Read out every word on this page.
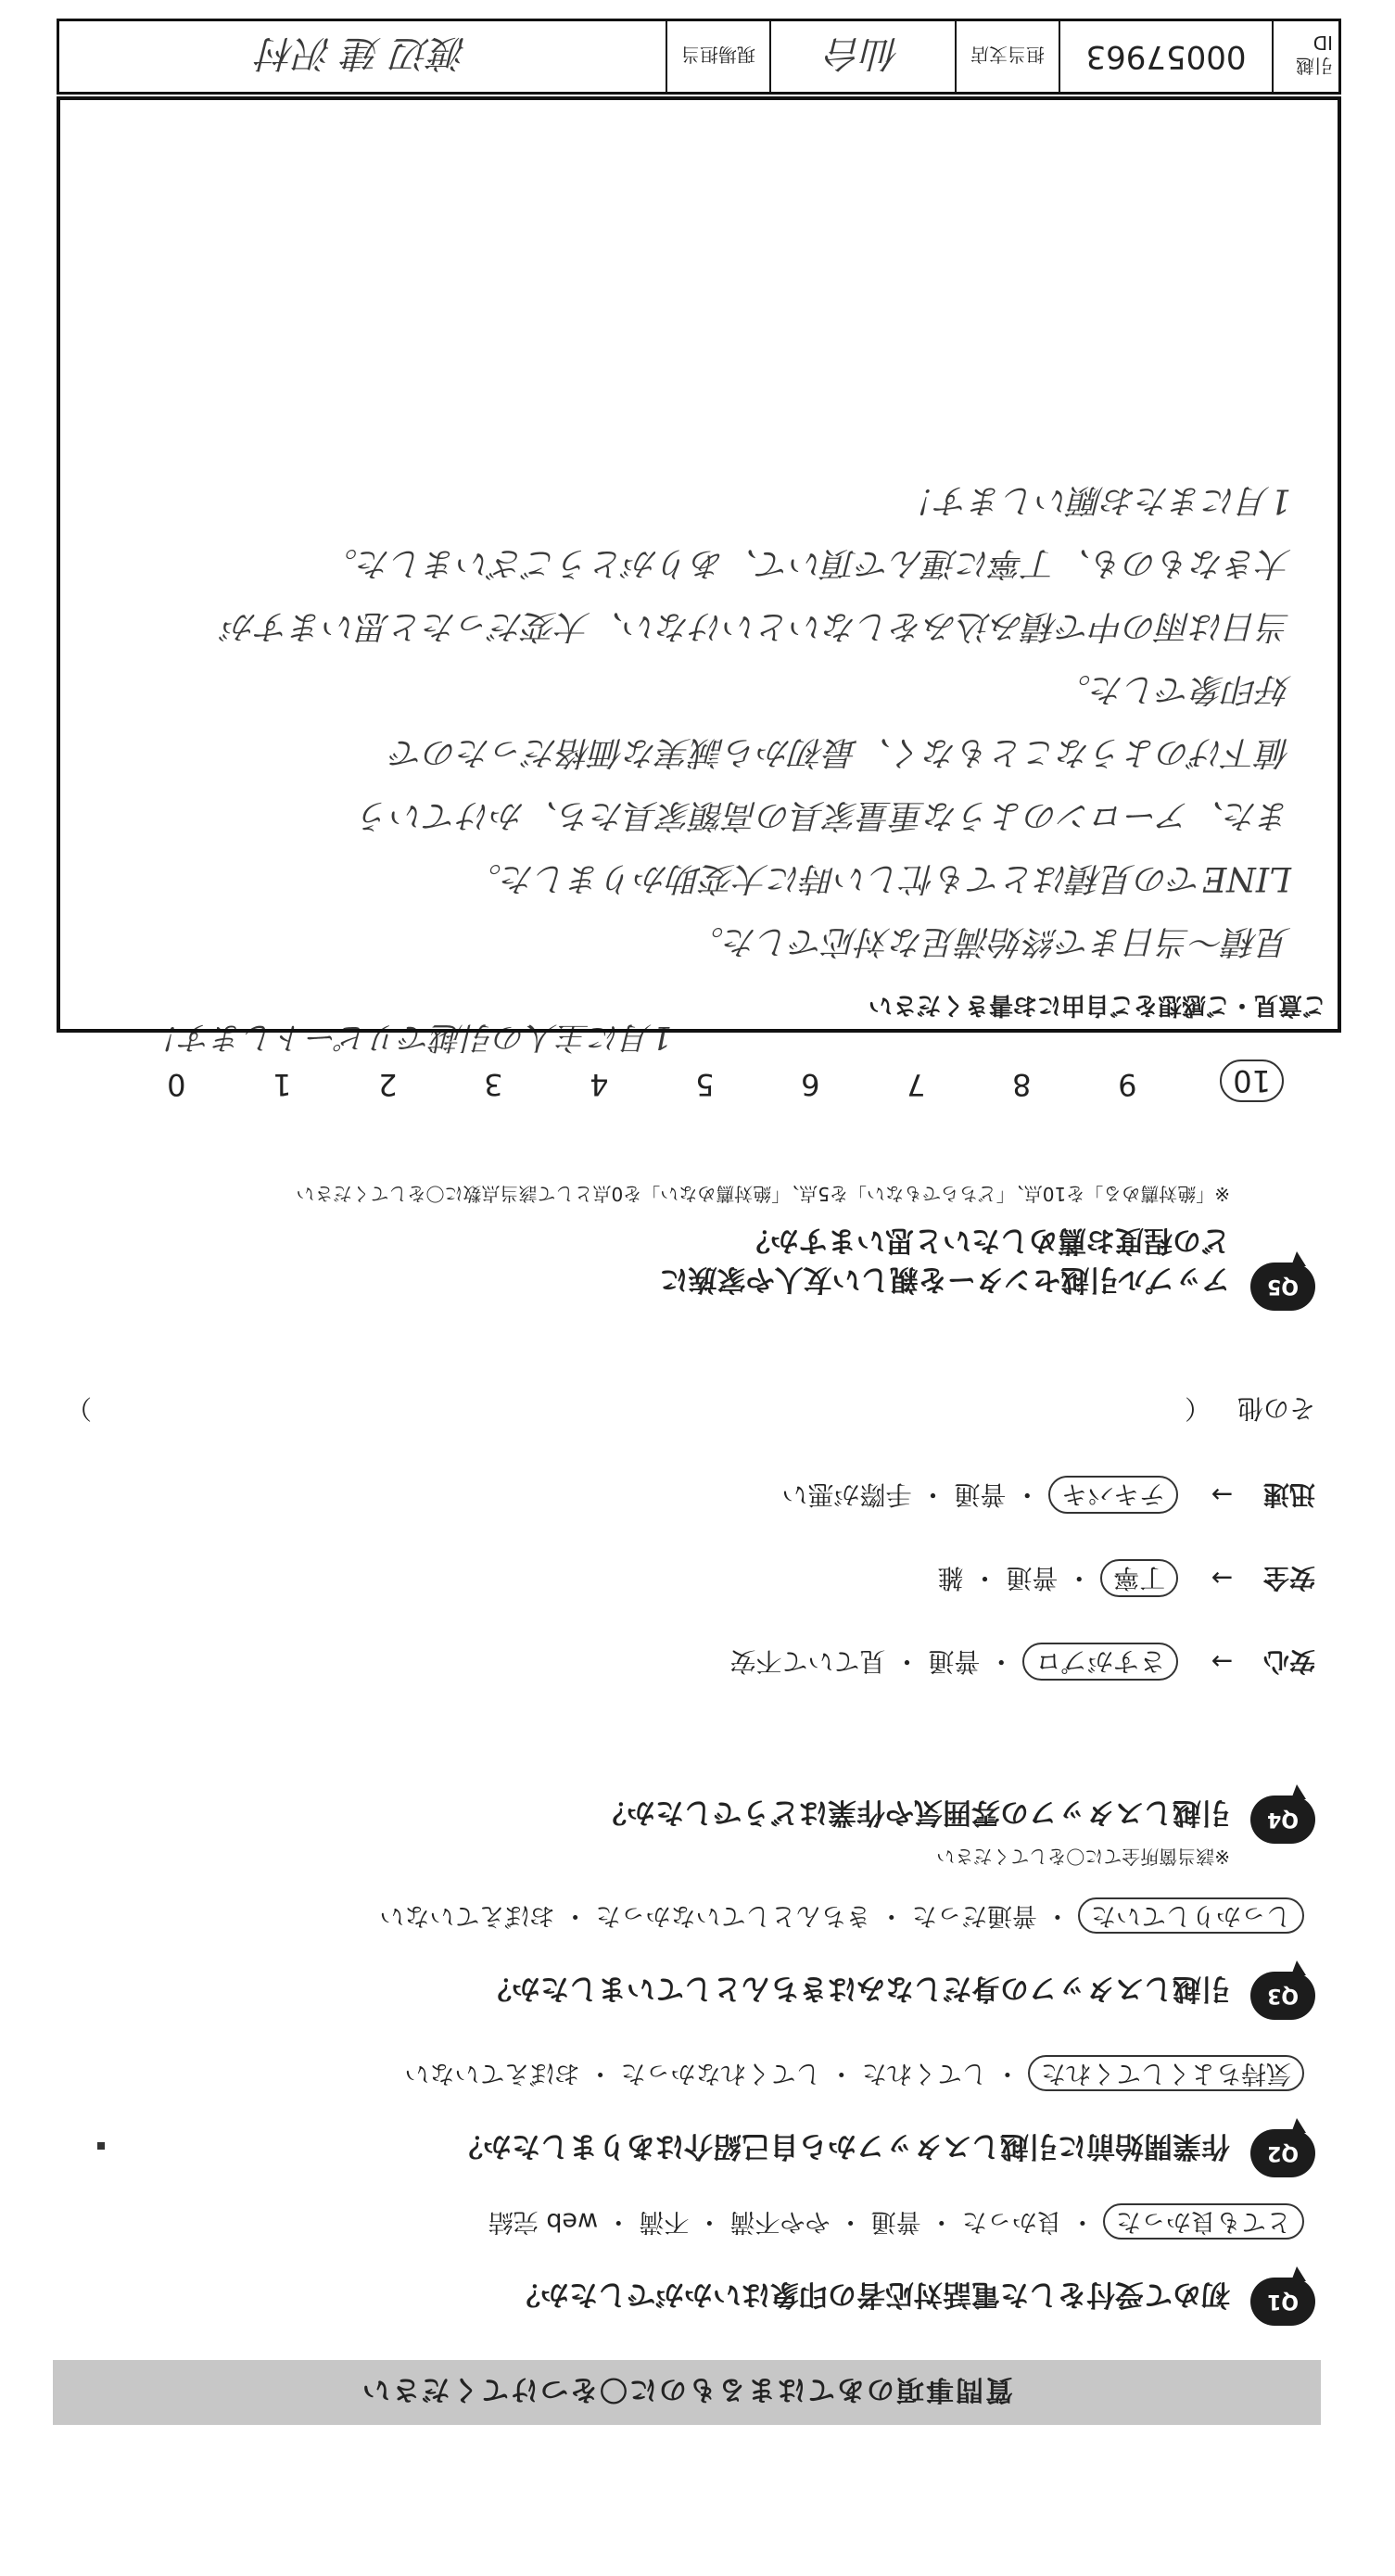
質問事項のあてはまるものに〇をつけてください
Q1
初めて受付をした電話対応者の印象はいかがでしたか？
とても良かった ・ 良かった ・ 普通 ・ やや不満 ・ 不満 ・ web 完結
Q2
作業開始前に引越しスタッフから自己紹介はありましたか？
気持ちよくしてくれた ・ してくれた ・ してくれなかった ・ おぼえていない
Q3
引越しスタッフの身だしなみはきちんとしていましたか？
しっかりしていた ・ 普通だった ・ きちんとしていなかった ・ おぼえていない
Q4
引越しスタッフの雰囲気や作業はどうでしたか？
※該当箇所全てに〇をしてください
安心 → さすがプロ ・ 普通 ・ 見ていて不安
安全 → 丁寧 ・ 普通 ・ 雑
迅速 → テキパキ ・ 普通 ・ 手際が悪い
その他 （
）
Q5
アップル引越センターを親しい友人や家族に
どの程度お薦めしたいと思いますか？
※「絶対薦める」を10点、「どちらでもない」を5点、「絶対薦めない」を0点として該当点数に〇をしてください
10
9
8
7
6
5
4
3
2
1
0
1月に主人の引越でリピートします！
ご意見・ご感想をご自由にお書きください
見積〜当日まで終始満足な対応でした。
LINEでの見積はとても忙しい時に大変助かりました。
また、アーロンのような重量家具の高額家具たち、かけていう
値下げのようなこともなく、最初から誠実な価格だったので
好印象でした。
当日は雨の中で積み込みをしないといけない、大変だったと思いますが
大きなものも、丁寧に運んで頂いて、ありがとうございました。
1月にまたお願いします！
引越ID
00057963
担当支店
仙台
現場担当
渡辺 建 沢村
